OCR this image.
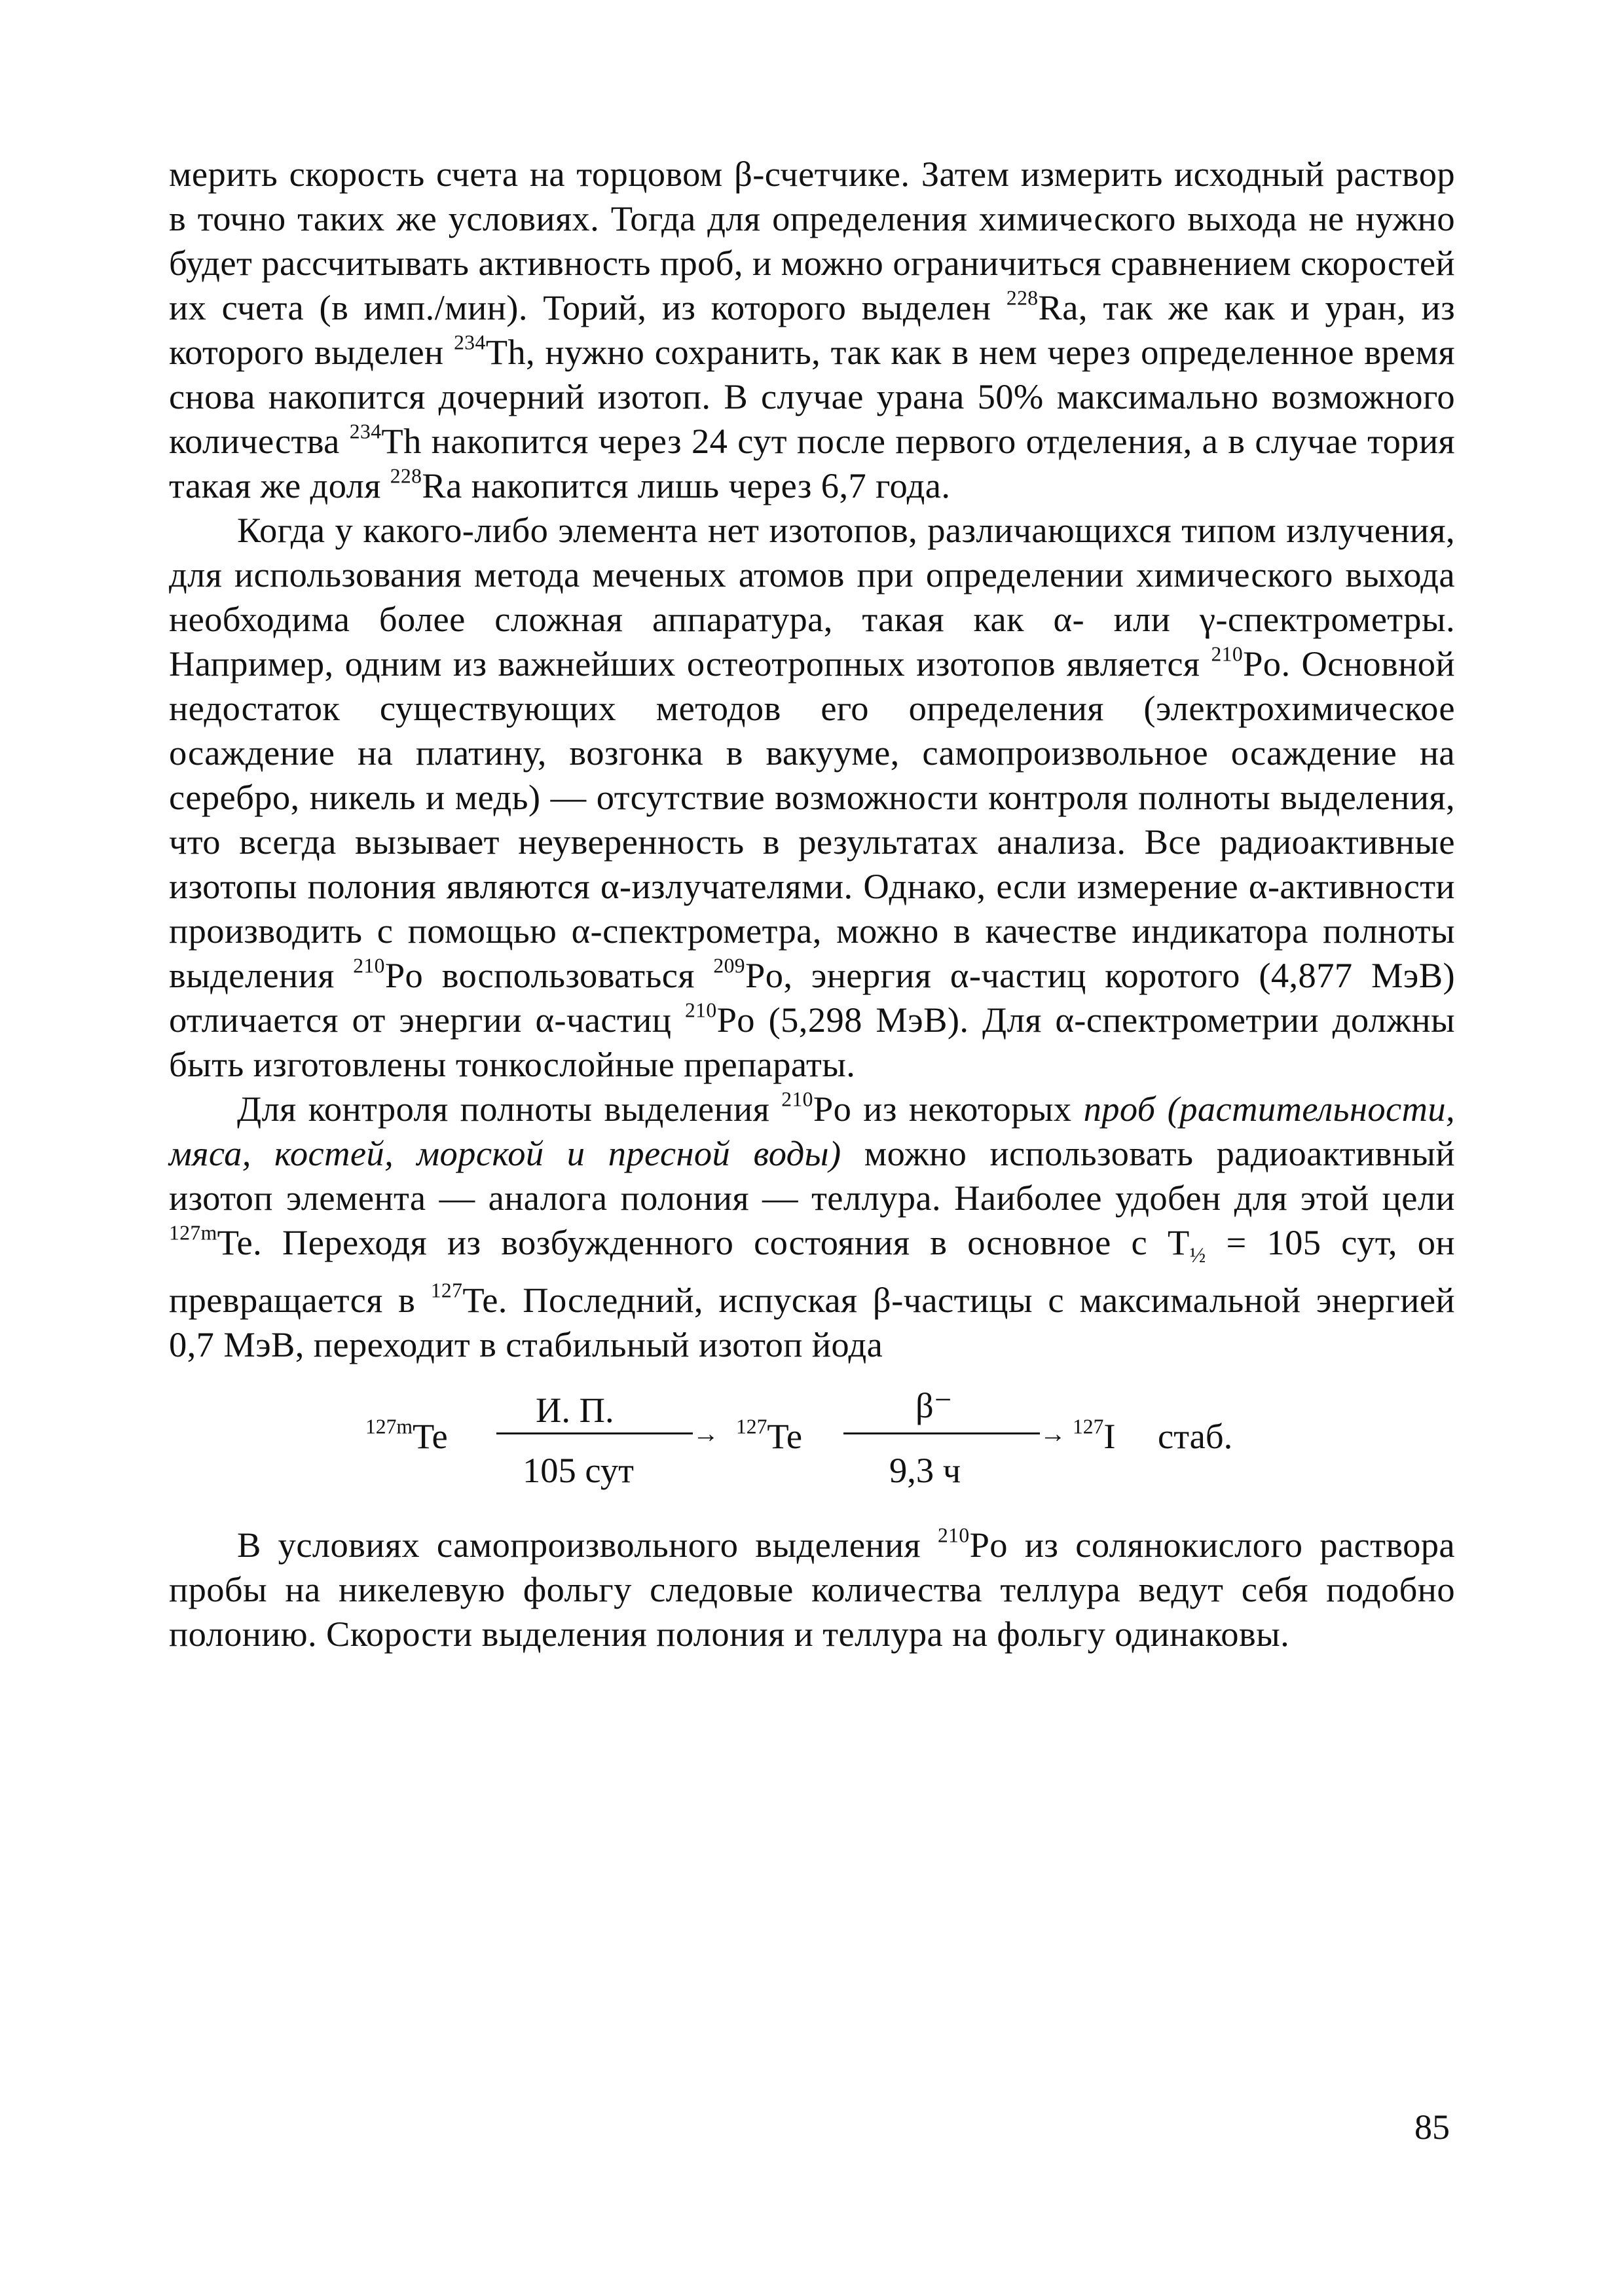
мерить скорость счета на торцовом β-счетчике. Затем измерить исходный раствор в точно таких же условиях. Тогда для определения химического выхода не нужно будет рассчитывать активность проб, и можно ограничиться сравнением скоростей их счета (в имп./мин). Торий, из которого выделен $^{228}$Ra, так же как и уран, из которого выделен $^{234}$Th, нужно сохранить, так как в нем через определенное время снова накопится дочерний изотоп. В случае урана 50% максимально возможного количества $^{234}$Th накопится через 24 сут после первого отделения, а в случае тория такая же доля $^{228}$Ra накопится лишь через 6,7 года.

Когда у какого-либо элемента нет изотопов, различающихся типом излучения, для использования метода меченых атомов при определении химического выхода необходима более сложная аппаратура, такая как α- или γ-спектрометры. Например, одним из важнейших остеотропных изотопов является $^{210}$Po. Основной недостаток существующих методов его определения (электрохимическое осаждение на платину, возгонка в вакууме, самопроизвольное осаждение на серебро, никель и медь) — отсутствие возможности контроля полноты выделения, что всегда вызывает неуверенность в результатах анализа. Все радиоактивные изотопы полония являются α-излучателями. Однако, если измерение α-активности производить с помощью α-спектрометра, можно в качестве индикатора полноты выделения $^{210}$Po воспользоваться $^{209}$Po, энергия α-частиц коротого (4,877 МэВ) отличается от энергии α-частиц $^{210}$Po (5,298 МэВ). Для α-спектрометрии должны быть изготовлены тонкослойные препараты.

Для контроля полноты выделения $^{210}$Po из некоторых проб (растительности, мяса, костей, морской и пресной воды) можно использовать радиоактивный изотоп элемента — аналога полония — теллура. Наиболее удобен для этой цели $^{127m}$Te. Переходя из возбужденного состояния в основное с $T_{\frac{1}{2}} = 105$ сут, он превращается в $^{127}$Te. Последний, испуская β-частицы с максимальной энергией 0,7 МэВ, переходит в стабильный изотоп йода

$^{127m}$Te
И. П.
→
105 сут
$^{127}$Te
β⁻
→
9,3 ч
$^{127}$I стаб.

В условиях самопроизвольного выделения $^{210}$Po из солянокислого раствора пробы на никелевую фольгу следовые количества теллура ведут себя подобно полонию. Скорости выделения полония и теллура на фольгу одинаковы.

85
